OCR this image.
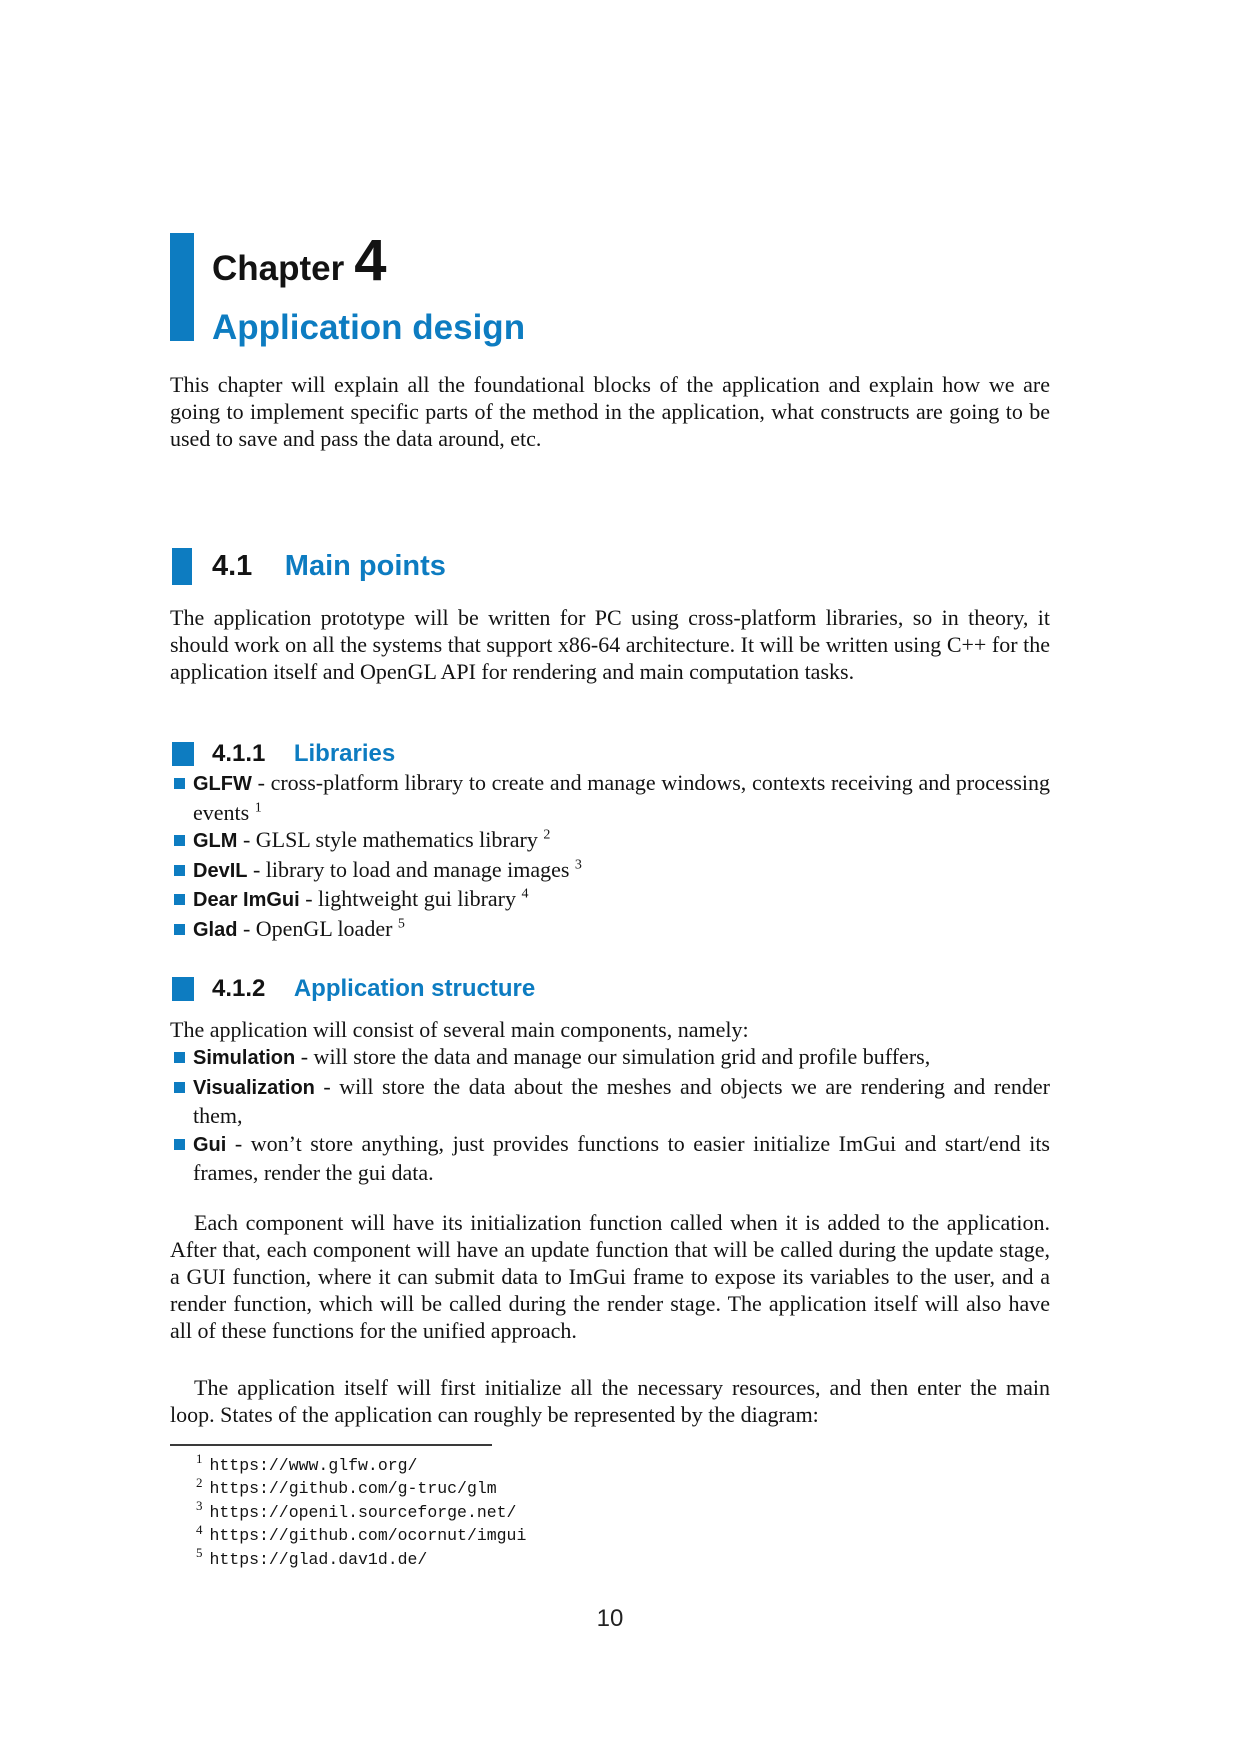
Chapter 4
Application design

This chapter will explain all the foundational blocks of the application and explain how we are going to implement specific parts of the method in the application, what constructs are going to be used to save and pass the data around, etc.

4.1 Main points

The application prototype will be written for PC using cross-platform libraries, so in theory, it should work on all the systems that support x86-64 architecture. It will be written using C++ for the application itself and OpenGL API for rendering and main computation tasks.

4.1.1 Libraries
GLFW - cross-platform library to create and manage windows, contexts receiving and processing events $^1$
GLM - GLSL style mathematics library $^2$
DevIL - library to load and manage images $^3$
Dear ImGui - lightweight gui library $^4$
Glad - OpenGL loader $^5$
4.1.2 Application structure

The application will consist of several main components, namely:

Simulation - will store the data and manage our simulation grid and profile buffers,
Visualization - will store the data about the meshes and objects we are rendering and render them,
Gui - won’t store anything, just provides functions to easier initialize ImGui and start/end its frames, render the gui data.

Each component will have its initialization function called when it is added to the application. After that, each component will have an update function that will be called during the update stage, a GUI function, where it can submit data to ImGui frame to expose its variables to the user, and a render function, which will be called during the render stage. The application itself will also have all of these functions for the unified approach.

The application itself will first initialize all the necessary resources, and then enter the main loop. States of the application can roughly be represented by the diagram:

$^1$ https://www.glfw.org/
$^2$ https://github.com/g-truc/glm
$^3$ https://openil.sourceforge.net/
$^4$ https://github.com/ocornut/imgui
$^5$ https://glad.dav1d.de/
10
